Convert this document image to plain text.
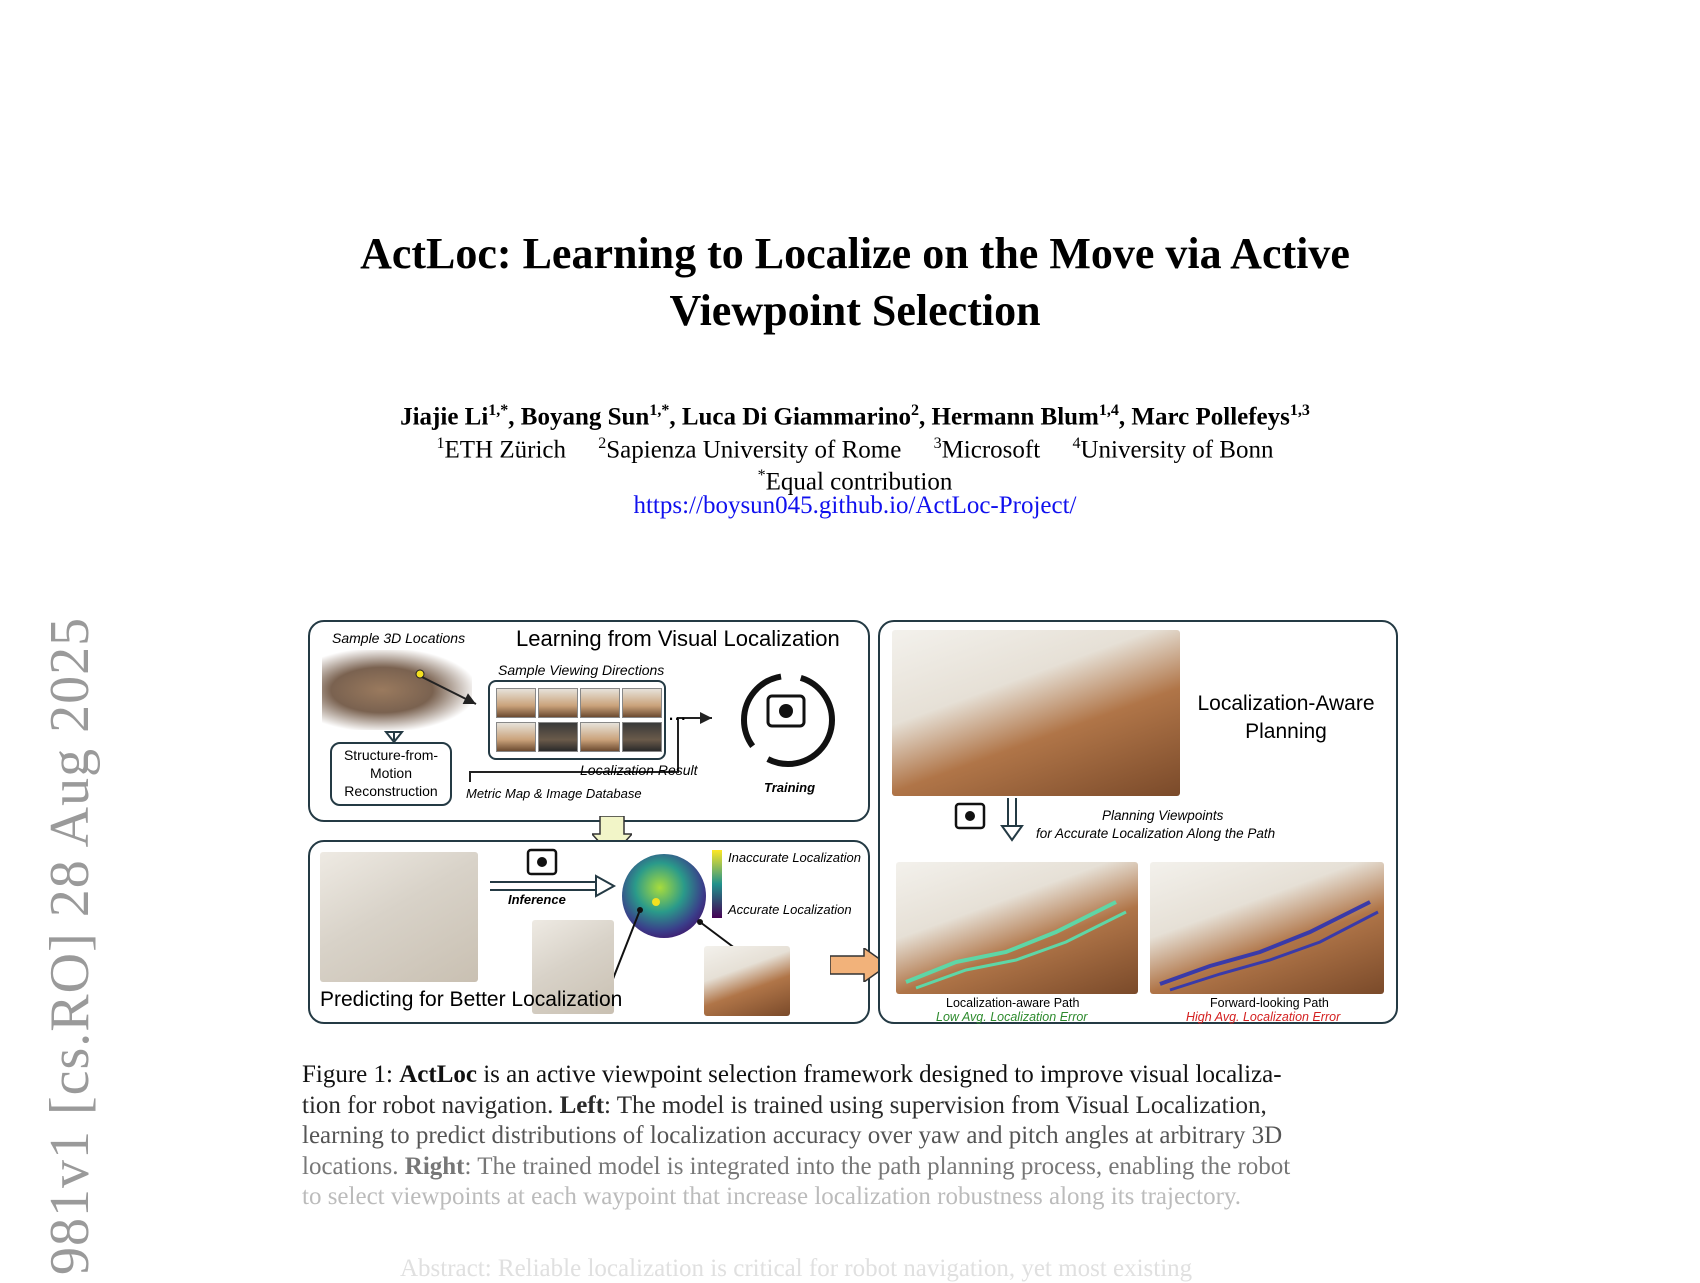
981v1 [cs.RO] 28 Aug 2025
ActLoc: Learning to Localize on the Move via Active Viewpoint Selection
Jiajie $Li^{1,*}$, Boyang Sun$^{1,*}$, Luca Di Giammarino$^2$, Hermann Blum$^{1,4}$, Marc Pollefeys$^{1,3}$
$^1$ETH Zürich $^2$Sapienza University of Rome $^3$Microsoft $^4$University of Bonn
*Equal contribution
https://boysun045.github.io/ActLoc-Project/
Sample 3D Locations Learning from Visual Localization
Sample Viewing Directions
...
Structure-from-Motion Reconstruction
Localization Result
Metric Map & Image Database	Training
Inference
Inaccurate Localization
Accurate Localization
Predicting for Better Localization
Localization-Aware Planning
Planning Viewpoints
for Accurate Localization Along the Path
Localization-aware Path
Low Avg. Localization Error
Forward-looking Path
High Avg. Localization Error
Figure 1: ActLoc is an active viewpoint selection framework designed to improve visual localiza-
tion for robot navigation. Left: The model is trained using supervision from Visual Localization,
learning to predict distributions of localization accuracy over yaw and pitch angles at arbitrary 3D
locations. Right: The trained model is integrated into the path planning process, enabling the robot
to select viewpoints at each waypoint that increase localization robustness along its trajectory.
Abstract: Reliable localization is critical for robot navigation, yet most existing
